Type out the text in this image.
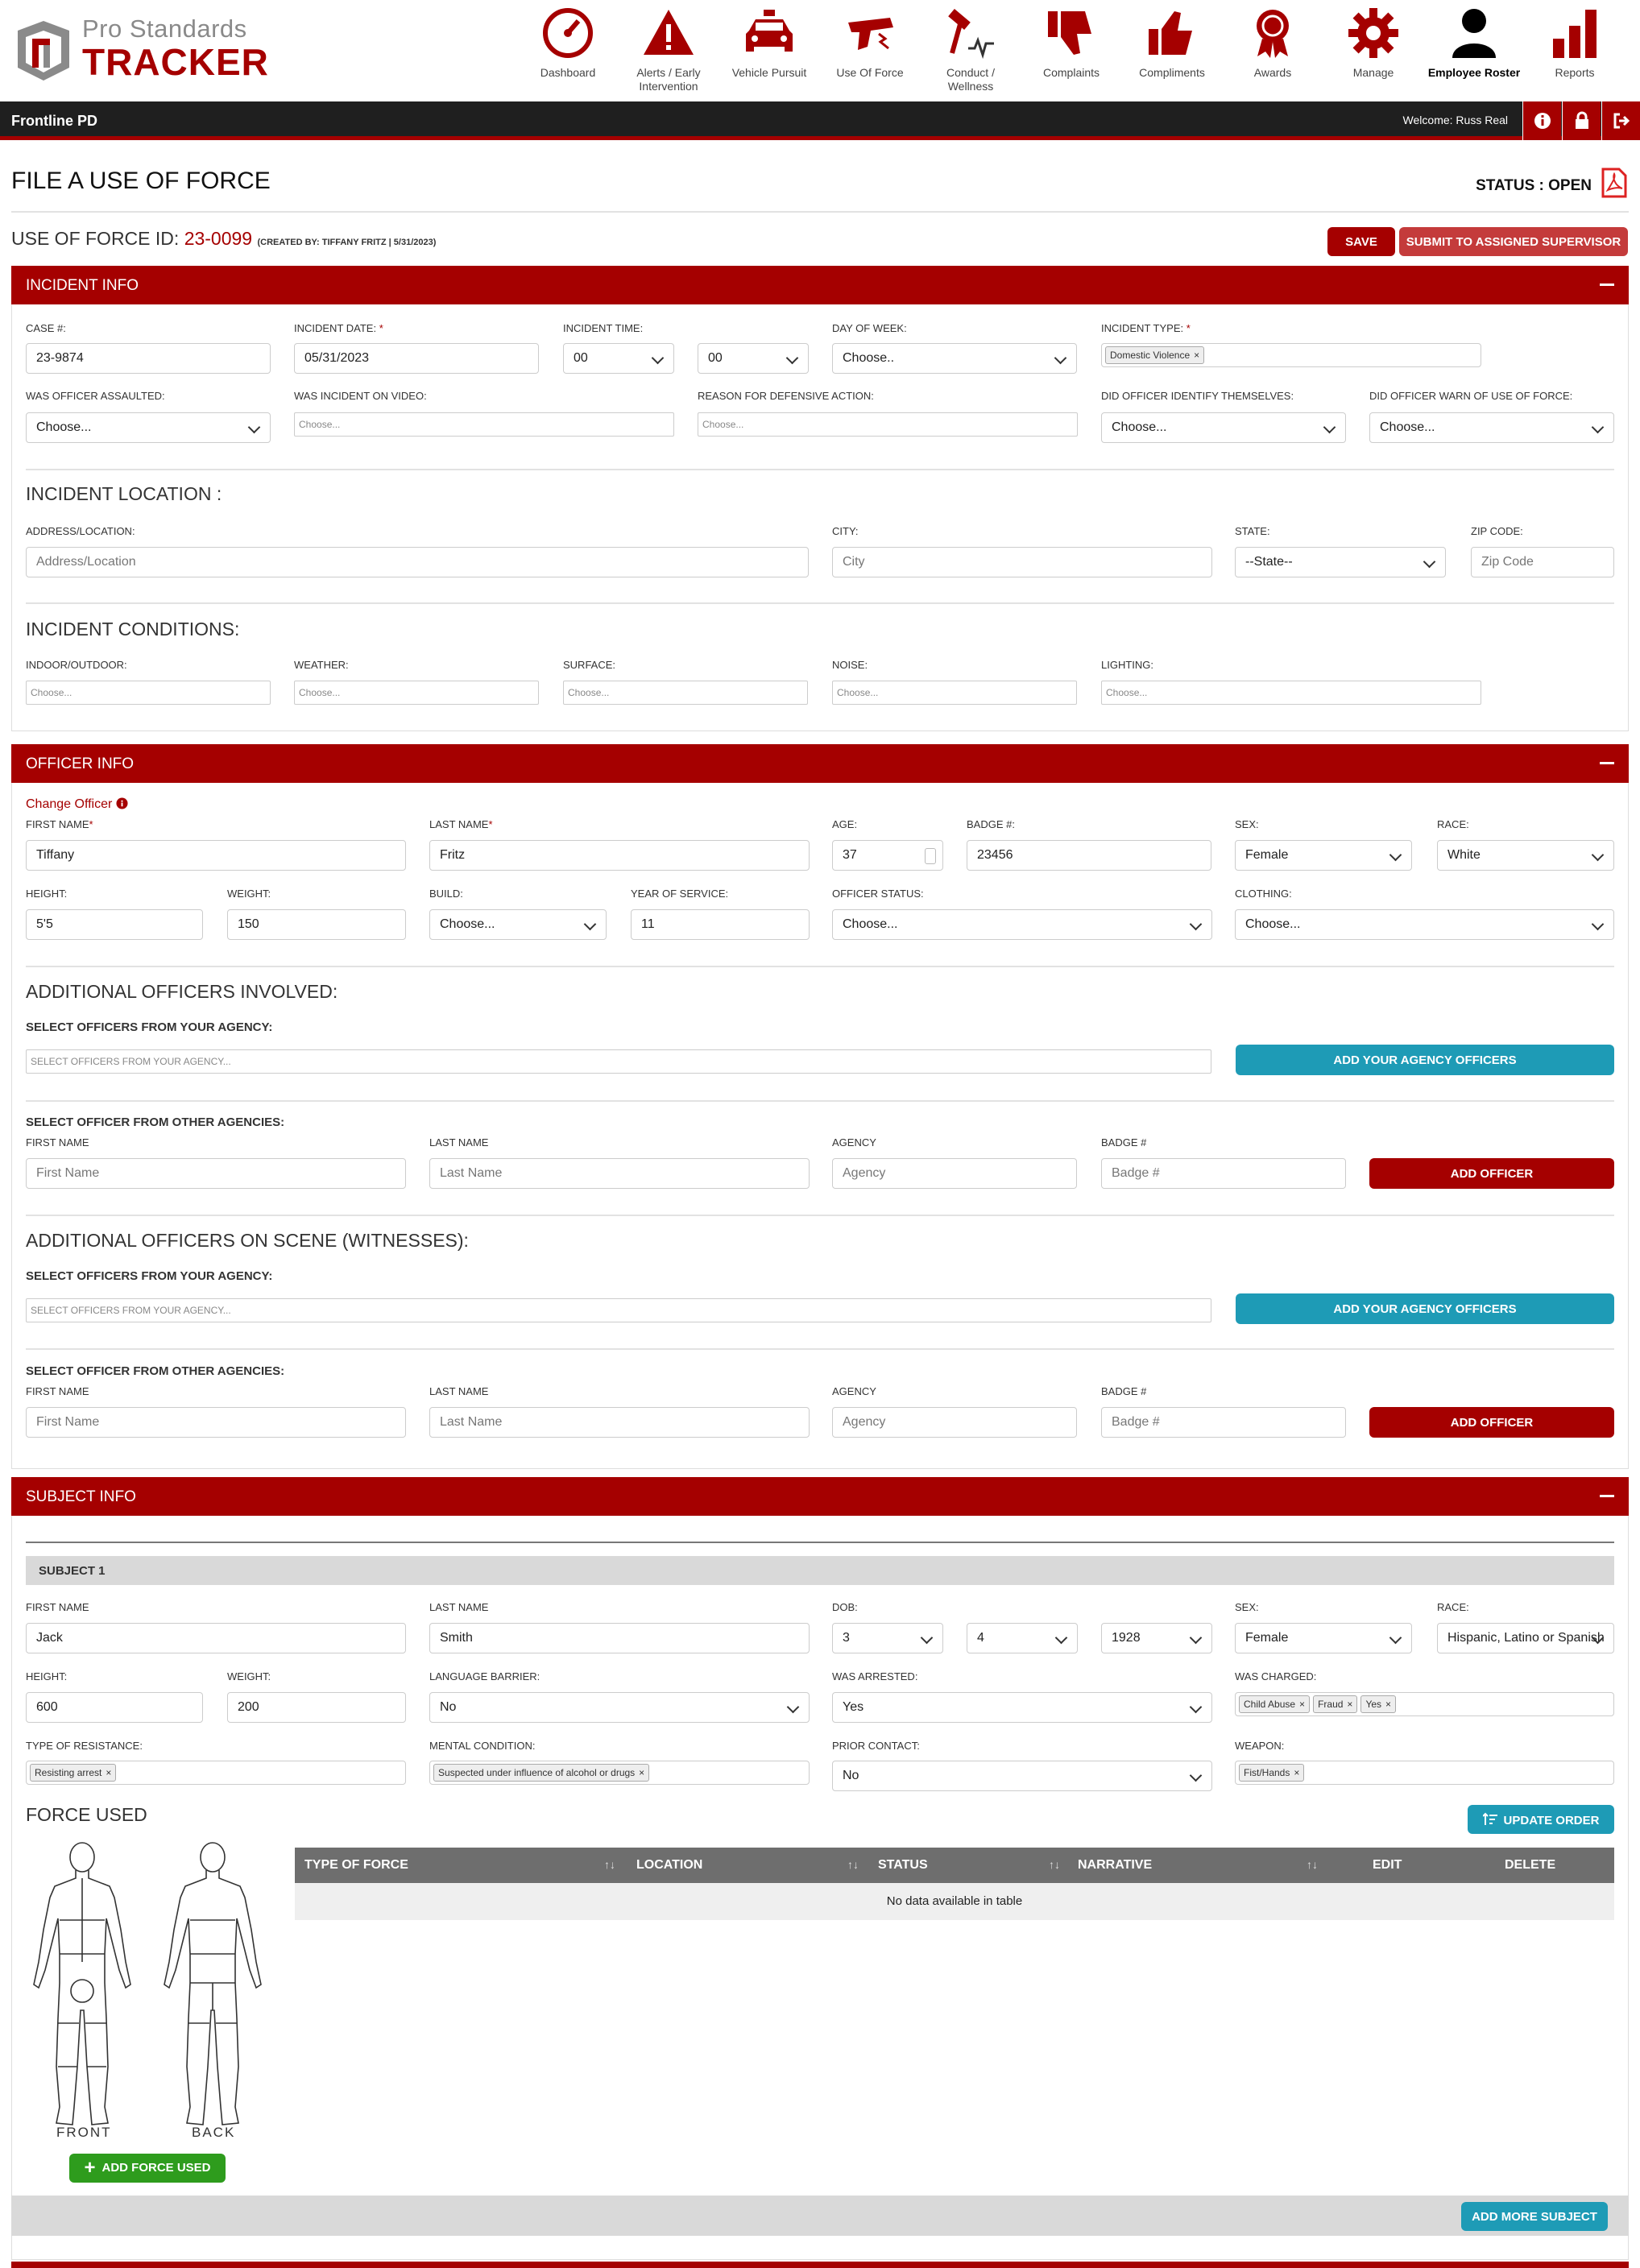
Pro Standards
TRACKER	Dashboard	Alerts / Early Intervention
Vehicle Pursuit	Use Of Force	Conduct / Wellness
Complaints	Compliments	Awards	Manage	Employee Roster	Reports
Frontline PD	Welcome: Russ Real
FILE A USE OF FORCE	STATUS : OPEN
USE OF FORCE ID: 23-0099 (CREATED BY: TIFFANY FRITZ | 5/31/2023)	SAVE	SUBMIT TO ASSIGNED SUPERVISOR
INCIDENT INFO
CASE #:
23-9874
INCIDENT DATE: *
05/31/2023
INCIDENT TIME:
00	00
DAY OF WEEK:
Choose..
INCIDENT TYPE: *
Domestic Violence ×
WAS OFFICER ASSAULTED:
Choose...
WAS INCIDENT ON VIDEO:
Choose...
REASON FOR DEFENSIVE ACTION:
Choose...
DID OFFICER IDENTIFY THEMSELVES:
Choose...
DID OFFICER WARN OF USE OF FORCE:
Choose...
INCIDENT LOCATION :
ADDRESS/LOCATION:
Address/Location
CITY:
City
STATE:
--State--
ZIP CODE:
Zip Code
INCIDENT CONDITIONS:
INDOOR/OUTDOOR:
Choose...
WEATHER:
Choose...
SURFACE:
Choose...
NOISE:
Choose...
LIGHTING:
Choose...
OFFICER INFO
Change Officer
FIRST NAME*
Tiffany
LAST NAME*
Fritz
AGE:
37
BADGE #:
23456
SEX:
Female
RACE:
White
HEIGHT:
5'5
WEIGHT:
150
BUILD:
Choose...
YEAR OF SERVICE:
11
OFFICER STATUS:
Choose...
CLOTHING:
Choose...
ADDITIONAL OFFICERS INVOLVED:
SELECT OFFICERS FROM YOUR AGENCY:
SELECT OFFICERS FROM YOUR AGENCY...	ADD YOUR AGENCY OFFICERS
SELECT OFFICER FROM OTHER AGENCIES:
FIRST NAME
First Name
LAST NAME
Last Name
AGENCY
Agency
BADGE #
Badge #	ADD OFFICER
ADDITIONAL OFFICERS ON SCENE (WITNESSES):
SELECT OFFICERS FROM YOUR AGENCY:
SELECT OFFICERS FROM YOUR AGENCY...	ADD YOUR AGENCY OFFICERS
SELECT OFFICER FROM OTHER AGENCIES:
FIRST NAME
First Name
LAST NAME
Last Name
AGENCY
Agency
BADGE #
Badge #	ADD OFFICER
SUBJECT INFO
SUBJECT 1
FIRST NAME
Jack
LAST NAME
Smith
DOB:
3	4	1928
SEX:
Female
RACE:
Hispanic, Latino or Spanish
HEIGHT:
600
WEIGHT:
200
LANGUAGE BARRIER:
No
WAS ARRESTED:
Yes
WAS CHARGED:
Child Abuse × Fraud × Yes ×
TYPE OF RESISTANCE:
Resisting arrest ×
MENTAL CONDITION:
Suspected under influence of alcohol or drugs ×
PRIOR CONTACT:
No
WEAPON:
Fist/Hands ×
FORCE USED	UPDATE ORDER
FRONT	BACK
+ ADD FORCE USED
TYPE OF FORCE	↑↓ LOCATION	↑↓ STATUS	↑↓ NARRATIVE	↑↓	EDIT	DELETE
No data available in table
ADD MORE SUBJECT
